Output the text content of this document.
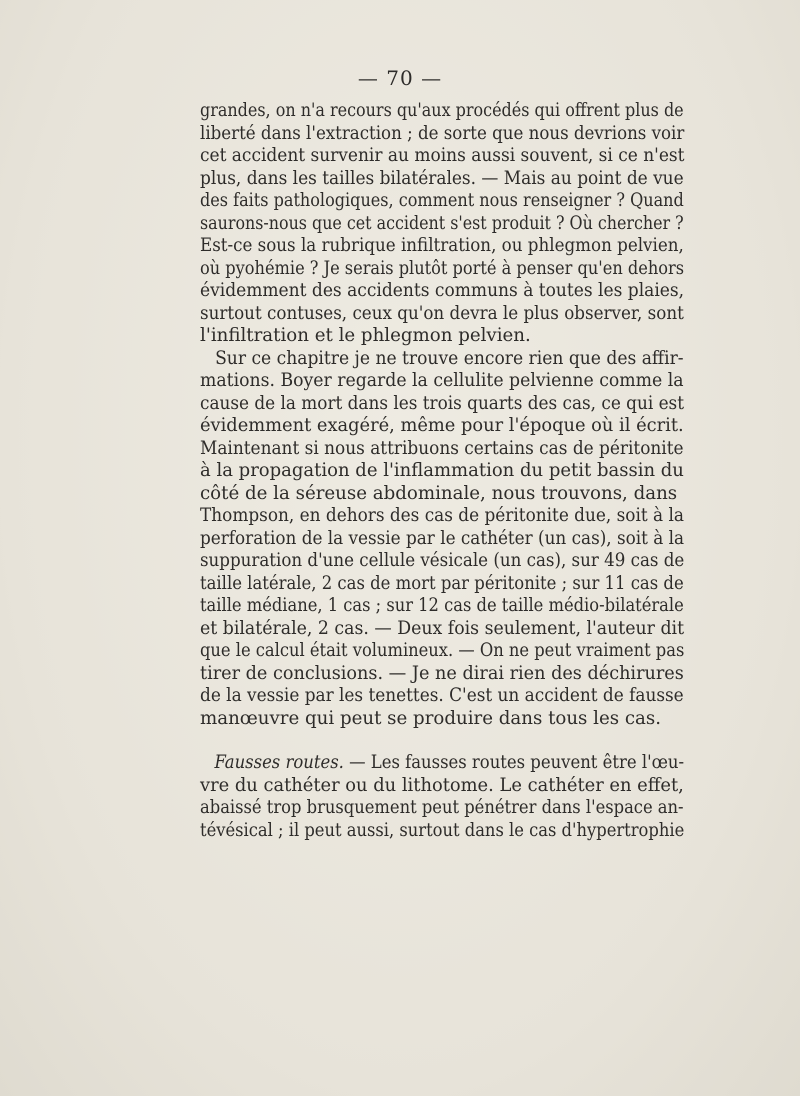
— 70 —

grandes, on n'a recours qu'aux procédés qui offrent plus de
liberté dans l'extraction ; de sorte que nous devrions voir
cet accident survenir au moins aussi souvent, si ce n'est
plus, dans les tailles bilatérales. — Mais au point de vue
des faits pathologiques, comment nous renseigner ? Quand
saurons-nous que cet accident s'est produit ? Où chercher ?
Est-ce sous la rubrique infiltration, ou phlegmon pelvien,
où pyohémie ? Je serais plutôt porté à penser qu'en dehors
évidemment des accidents communs à toutes les plaies,
surtout contuses, ceux qu'on devra le plus observer, sont
l'infiltration et le phlegmon pelvien.

Sur ce chapitre je ne trouve encore rien que des affir-
mations. Boyer regarde la cellulite pelvienne comme la
cause de la mort dans les trois quarts des cas, ce qui est
évidemment exagéré, même pour l'époque où il écrit.
Maintenant si nous attribuons certains cas de péritonite
à la propagation de l'inflammation du petit bassin du
côté de la séreuse abdominale, nous trouvons, dans
Thompson, en dehors des cas de péritonite due, soit à la
perforation de la vessie par le cathéter (un cas), soit à la
suppuration d'une cellule vésicale (un cas), sur 49 cas de
taille latérale, 2 cas de mort par péritonite ; sur 11 cas de
taille médiane, 1 cas ; sur 12 cas de taille médio-bilatérale
et bilatérale, 2 cas. — Deux fois seulement, l'auteur dit
que le calcul était volumineux. — On ne peut vraiment pas
tirer de conclusions. — Je ne dirai rien des déchirures
de la vessie par les tenettes. C'est un accident de fausse
manœuvre qui peut se produire dans tous les cas.

Fausses routes. — Les fausses routes peuvent être l'œu-
vre du cathéter ou du lithotome. Le cathéter en effet,
abaissé trop brusquement peut pénétrer dans l'espace an-
tévésical ; il peut aussi, surtout dans le cas d'hypertrophie
